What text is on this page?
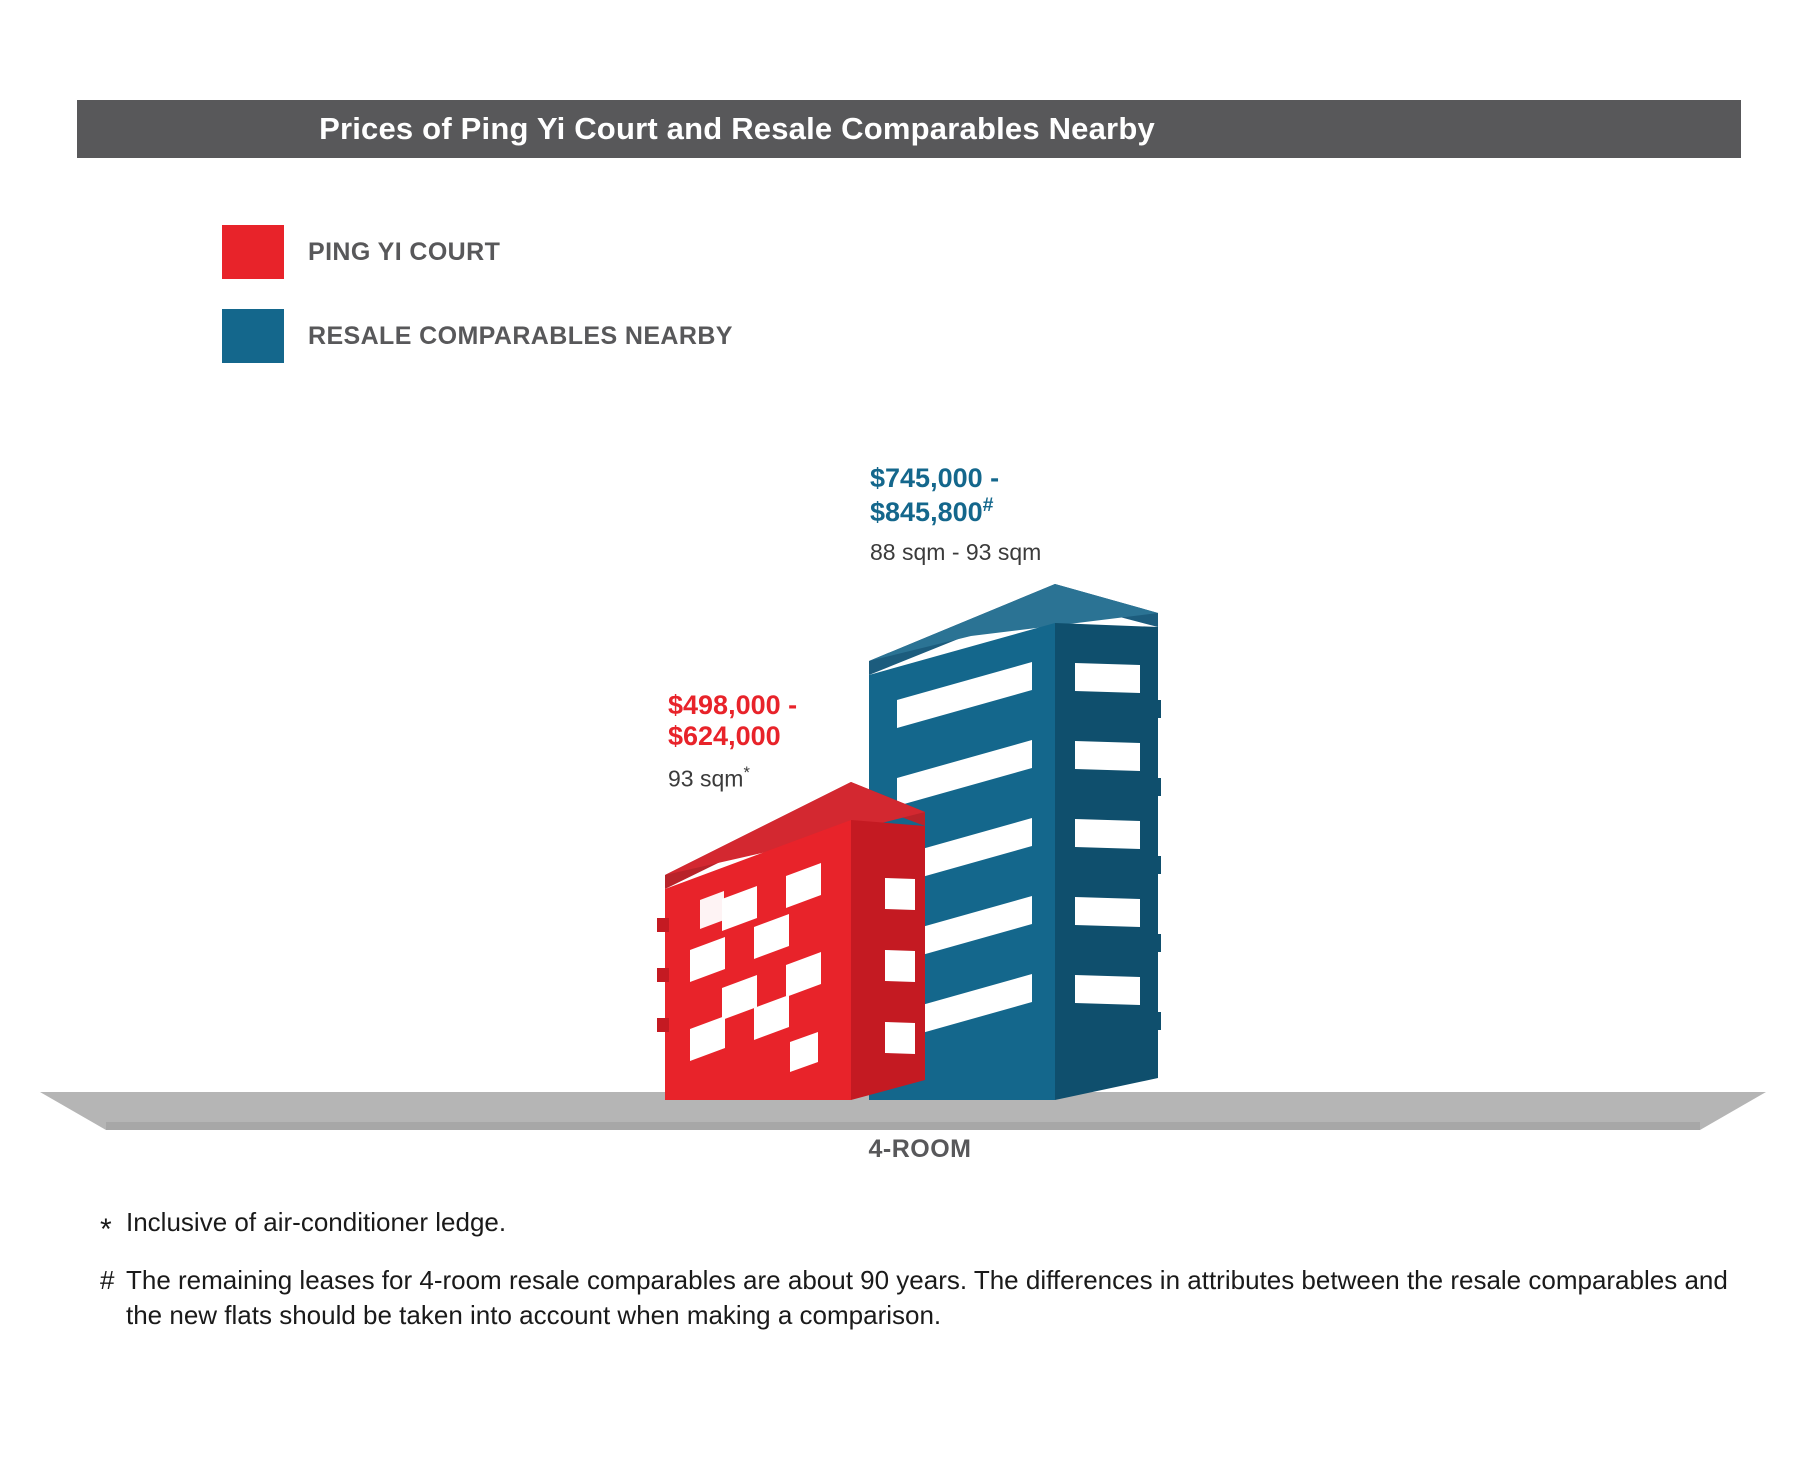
Prices of Ping Yi Court and Resale Comparables Nearby
PING YI COURT
RESALE COMPARABLES NEARBY
$498,000 -
$624,000
93 sqm*
$745,000 -
$845,800#
88 sqm - 93 sqm
4-ROOM
* Inclusive of air-conditioner ledge.
# The remaining leases for 4-room resale comparables are about 90 years. The differences in attributes between the resale comparables and the new flats should be taken into account when making a comparison.
